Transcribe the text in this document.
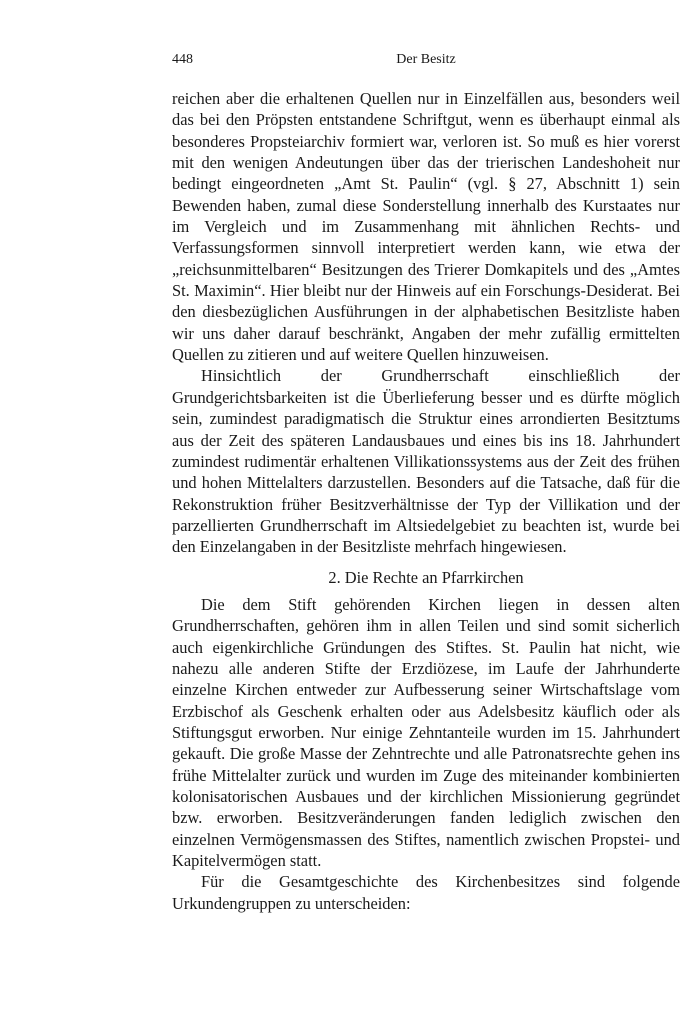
448	Der Besitz

reichen aber die erhaltenen Quellen nur in Einzelfällen aus, besonders weil das bei den Pröpsten entstandene Schriftgut, wenn es überhaupt einmal als besonderes Propsteiarchiv formiert war, verloren ist. So muß es hier vorerst mit den wenigen Andeutungen über das der trierischen Landeshoheit nur bedingt eingeordneten „Amt St. Paulin“ (vgl. § 27, Abschnitt 1) sein Bewenden haben, zumal diese Sonderstellung innerhalb des Kurstaates nur im Vergleich und im Zusammenhang mit ähnlichen Rechts- und Verfassungsformen sinnvoll interpretiert werden kann, wie etwa der „reichsunmittelbaren“ Besitzungen des Trierer Domkapitels und des „Amtes St. Maximin“. Hier bleibt nur der Hinweis auf ein Forschungs-Desiderat. Bei den diesbezüglichen Ausführungen in der alphabetischen Besitzliste haben wir uns daher darauf beschränkt, Angaben der mehr zufällig ermittelten Quellen zu zitieren und auf weitere Quellen hinzuweisen.

Hinsichtlich der Grundherrschaft einschließlich der Grundgerichtsbarkeiten ist die Überlieferung besser und es dürfte möglich sein, zumindest paradigmatisch die Struktur eines arrondierten Besitztums aus der Zeit des späteren Landausbaues und eines bis ins 18. Jahrhundert zumindest rudimentär erhaltenen Villikationssystems aus der Zeit des frühen und hohen Mittelalters darzustellen. Besonders auf die Tatsache, daß für die Rekonstruktion früher Besitzverhältnisse der Typ der Villikation und der parzellierten Grundherrschaft im Altsiedelgebiet zu beachten ist, wurde bei den Einzelangaben in der Besitzliste mehrfach hingewiesen.

2. Die Rechte an Pfarrkirchen

Die dem Stift gehörenden Kirchen liegen in dessen alten Grundherrschaften, gehören ihm in allen Teilen und sind somit sicherlich auch eigenkirchliche Gründungen des Stiftes. St. Paulin hat nicht, wie nahezu alle anderen Stifte der Erzdiözese, im Laufe der Jahrhunderte einzelne Kirchen entweder zur Aufbesserung seiner Wirtschaftslage vom Erzbischof als Geschenk erhalten oder aus Adelsbesitz käuflich oder als Stiftungsgut erworben. Nur einige Zehntanteile wurden im 15. Jahrhundert gekauft. Die große Masse der Zehntrechte und alle Patronatsrechte gehen ins frühe Mittelalter zurück und wurden im Zuge des miteinander kombinierten kolonisatorischen Ausbaues und der kirchlichen Missionierung gegründet bzw. erworben. Besitzveränderungen fanden lediglich zwischen den einzelnen Vermögensmassen des Stiftes, namentlich zwischen Propstei- und Kapitelvermögen statt.

Für die Gesamtgeschichte des Kirchenbesitzes sind folgende Urkundengruppen zu unterscheiden:
